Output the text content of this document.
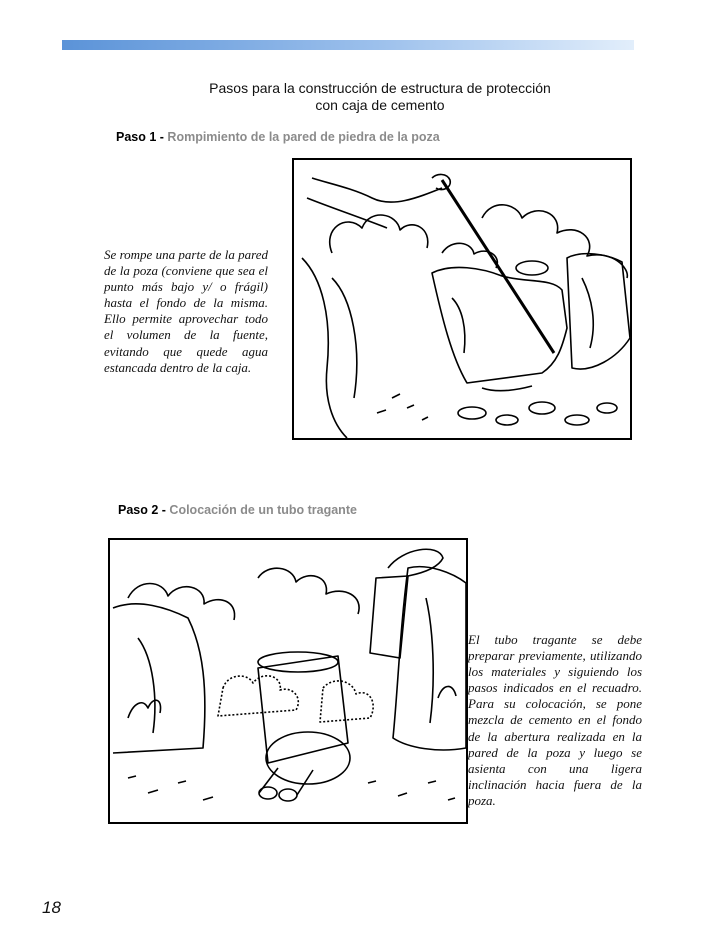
Pasos para la construcción de estructura de protección
con caja de cemento
Paso 1 - Rompimiento de la pared de piedra de la poza
Se rompe una parte de la pared de la poza (conviene que sea el punto más bajo y/ o frágil) hasta el fondo de la misma. Ello permite aprovechar todo el volumen de la fuente, evitando que quede agua estancada dentro de la caja.
Paso 2 - Colocación de un tubo tragante
El tubo tragante se debe preparar previamente, utilizando los materiales y siguiendo los pasos indicados en el recuadro. Para su colocación, se pone mezcla de cemento en el fondo de la abertura realizada en la pared de la poza y luego se asienta con una ligera inclinación hacia fuera de la poza.
18
